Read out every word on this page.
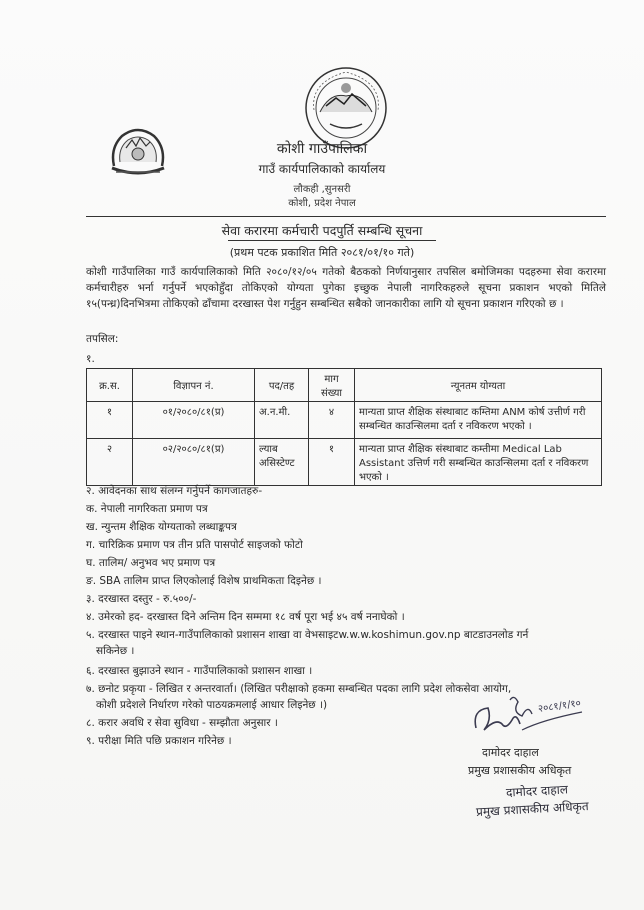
कोशी गाउँपालिका
गाउँ कार्यपालिकाको कार्यालय
लौकही ,सुनसरी
कोशी, प्रदेश नेपाल
सेवा करारमा कर्मचारी पदपुर्ति सम्बन्धि सूचना
(प्रथम पटक प्रकाशित मिति २०८१/०१/१० गते)
कोशी गाउँपालिका गाउँ कार्यपालिकाको मिति २०८०/१२/०५ गतेको बैठकको निर्णयानुसार तपसिल बमोजिमका पदहरुमा सेवा करारमा कर्मचारीहरु भर्ना गर्नुपर्ने भएकोहुँदा तोकिएको योग्यता पुगेका इच्छुक नेपाली नागरिकहरुले सूचना प्रकाशन भएको मितिले १५(पन्ध्र)दिनभित्रमा तोकिएको ढाँचामा दरखास्त पेश गर्नुहुन सम्बन्धित सबैको जानकारीका लागि यो सूचना प्रकाशन गरिएको छ ।
तपसिल:
१.
क्र.स.	विज्ञापन नं.	पद/तह	माग संख्या	न्यूनतम योग्यता
१	०१/२०८०/८१(प्र)	अ.न.मी.	४	मान्यता प्राप्त शैक्षिक संस्थाबाट कम्तिमा ANM कोर्ष उत्तीर्ण गरी सम्बन्धित काउन्सिलमा दर्ता र नविकरण भएको ।
२	०२/२०८०/८१(प्र)	ल्याब असिस्टेण्ट	१	मान्यता प्राप्त शैक्षिक संस्थाबाट कम्तीमा Medical Lab Assistant उत्तिर्ण गरी सम्बन्धित काउन्सिलमा दर्ता र नविकरण भएको ।
२. आवेदनका साथ संलग्न गर्नुपर्ने कागजातहरु-
क. नेपाली नागरिकता प्रमाण पत्र
ख. न्युन्तम शैक्षिक योग्यताको लब्धाङ्कपत्र
ग. चारिक्रिक प्रमाण पत्र तीन प्रति पासपोर्ट साइजको फोटो
घ. तालिम/ अनुभव भए प्रमाण पत्र
ङ. SBA तालिम प्राप्त लिएकोलाई विशेष प्राथमिकता दिइनेछ ।
३. दरखास्त दस्तुर - रु.५००/-
४. उमेरको हद- दरखास्त दिने अन्तिम दिन सम्ममा १८ वर्ष पूरा भई ४५ वर्ष ननाघेको ।
५. दरखास्त पाइने स्थान-गाउँपालिकाको प्रशासन शाखा वा वेभसाइटw.w.w.koshimun.gov.np बाटडाउनलोड गर्न
सकिनेछ ।
६. दरखास्त बुझाउने स्थान - गाउँपालिकाको प्रशासन शाखा ।
७. छनोट प्रकृया - लिखित र अन्तरवार्ता। (लिखित परीक्षाको हकमा सम्बन्धित पदका लागि प्रदेश लोकसेवा आयोग,
कोशी प्रदेशले निर्धारण गरेको पाठयक्रमलाई आधार लिइनेछ ।)
८. करार अवधि र सेवा सुविधा - सम्झौता अनुसार ।
९. परीक्षा मिति पछि प्रकाशन गरिनेछ ।
२०८१/१/१०
दामोदर दाहाल
प्रमुख प्रशासकीय अधिकृत
दामोदर दाहाल
प्रमुख प्रशासकीय अधिकृत
